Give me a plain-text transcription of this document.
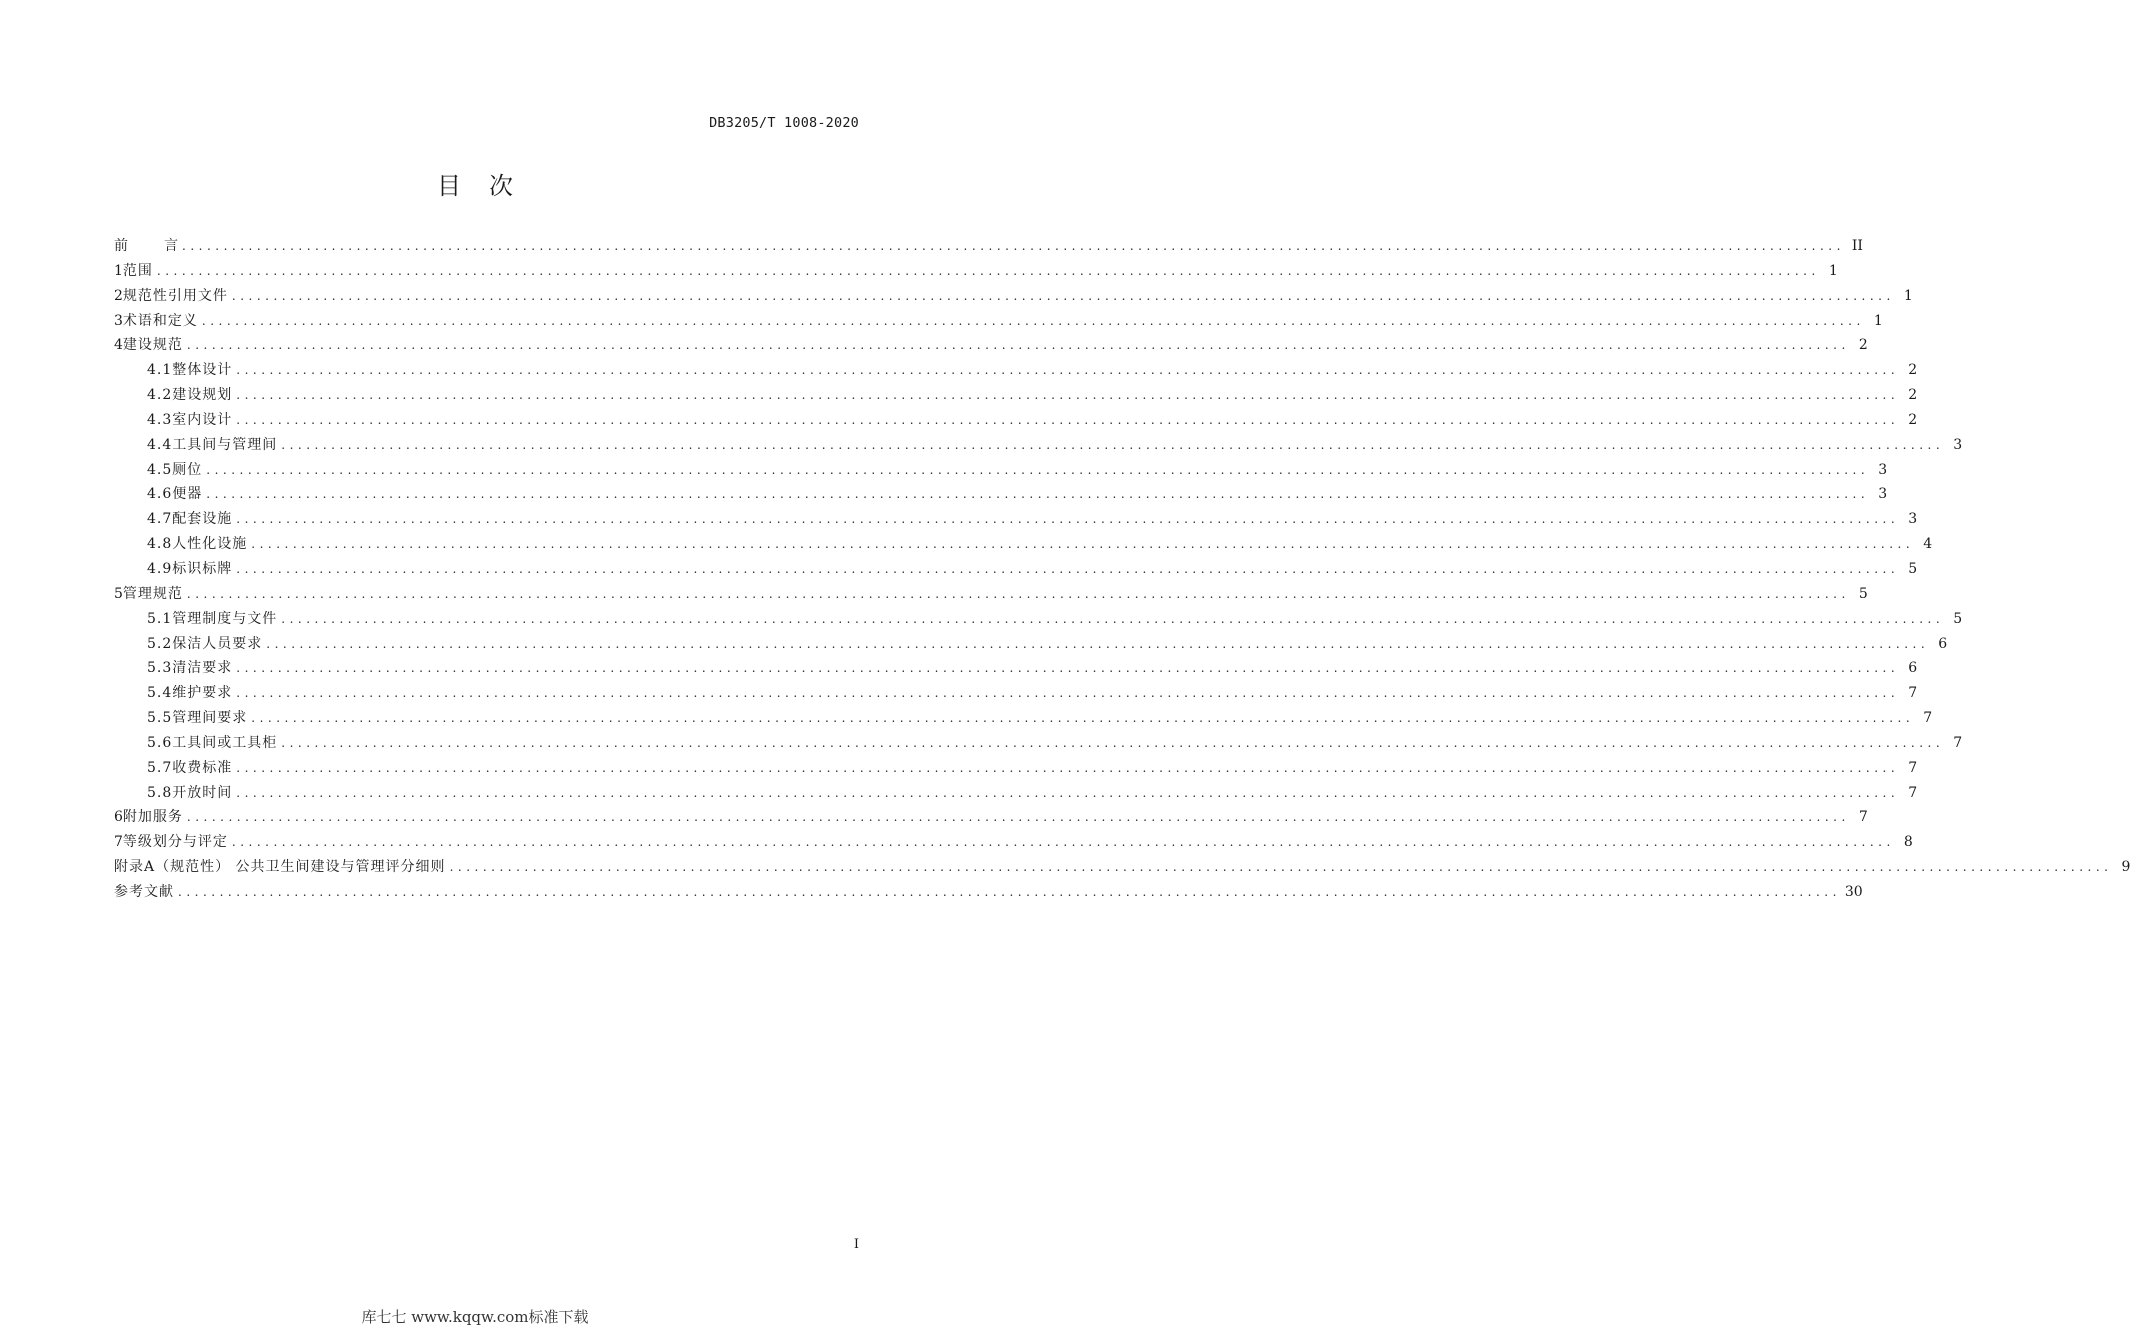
DB3205/T 1008-2020
目次
前	言 ........................................................................................................................................................................................................ II
1 范围 ........................................................................................................................................................................................................ 1
2 规范性引用文件 ........................................................................................................................................................................................................ 1
3 术语和定义 ........................................................................................................................................................................................................ 1
4 建设规范 ........................................................................................................................................................................................................ 2
4.1 整体设计 ........................................................................................................................................................................................................ 2
4.2 建设规划 ........................................................................................................................................................................................................ 2
4.3 室内设计 ........................................................................................................................................................................................................ 2
4.4 工具间与管理间 ........................................................................................................................................................................................................ 3
4.5 厕位 ........................................................................................................................................................................................................ 3
4.6 便器 ........................................................................................................................................................................................................ 3
4.7 配套设施 ........................................................................................................................................................................................................ 3
4.8 人性化设施 ........................................................................................................................................................................................................ 4
4.9 标识标牌 ........................................................................................................................................................................................................ 5
5 管理规范 ........................................................................................................................................................................................................ 5
5.1 管理制度与文件 ........................................................................................................................................................................................................ 5
5.2 保洁人员要求 ........................................................................................................................................................................................................ 6
5.3 清洁要求 ........................................................................................................................................................................................................ 6
5.4 维护要求 ........................................................................................................................................................................................................ 7
5.5 管理间要求 ........................................................................................................................................................................................................ 7
5.6 工具间或工具柜 ........................................................................................................................................................................................................ 7
5.7 收费标准 ........................................................................................................................................................................................................ 7
5.8 开放时间 ........................................................................................................................................................................................................ 7
6 附加服务 ........................................................................................................................................................................................................ 7
7 等级划分与评定 ........................................................................................................................................................................................................ 8
附录A（规范性） 公共卫生间建设与管理评分细则 ........................................................................................................................................................................................................ 9
参考文献 ........................................................................................................................................................................................................ 30
I
库七七 www.kqqw.com标准下载
